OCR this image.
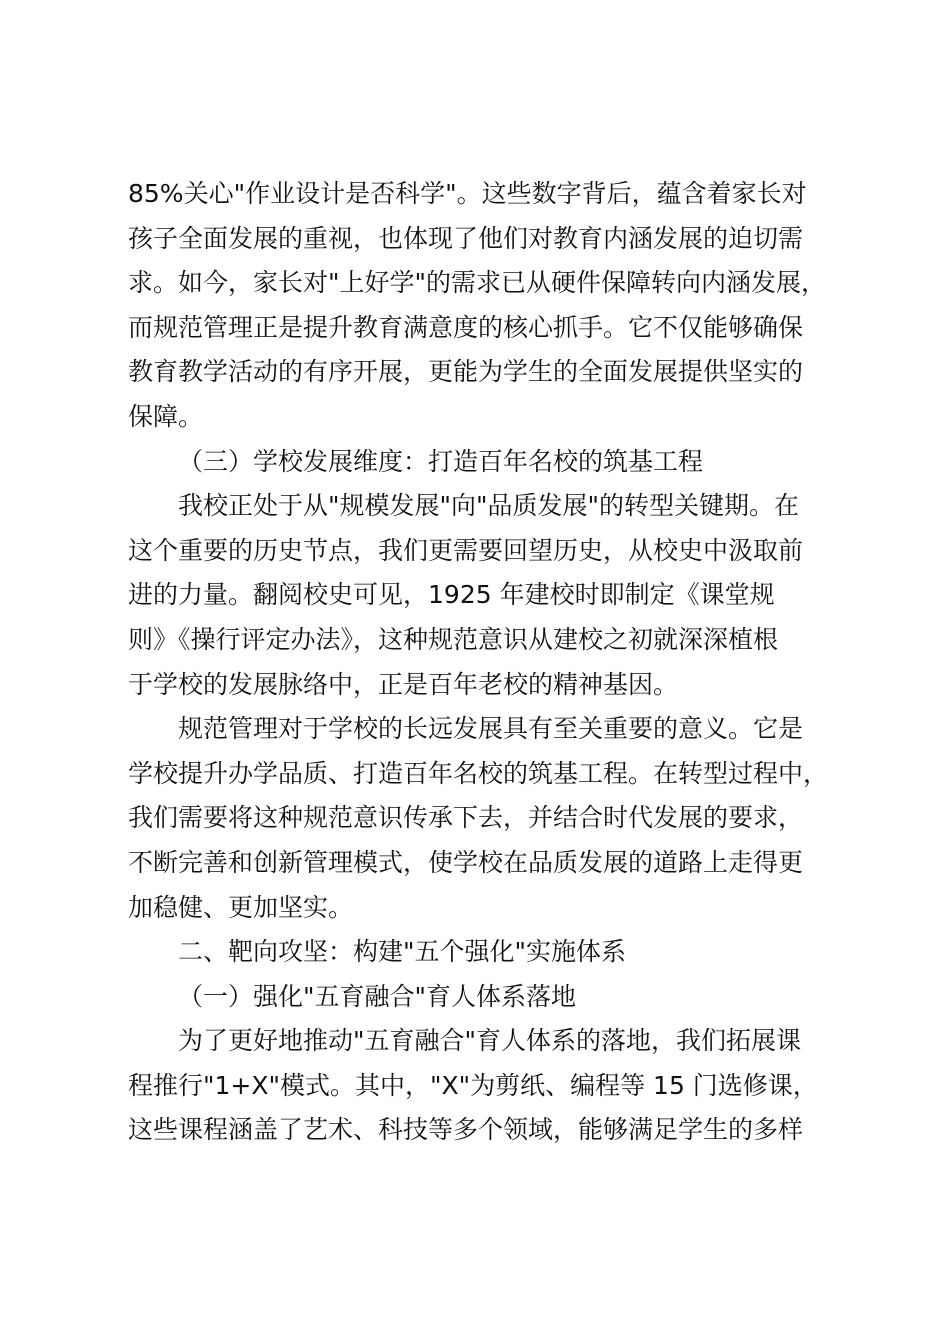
85%关心"作业设计是否科学"。这些数字背后，蕴含着家长对
孩子全面发展的重视，也体现了他们对教育内涵发展的迫切需
求。如今，家长对"上好学"的需求已从硬件保障转向内涵发展，
而规范管理正是提升教育满意度的核心抓手。它不仅能够确保
教育教学活动的有序开展，更能为学生的全面发展提供坚实的
保障。
（三）学校发展维度：打造百年名校的筑基工程
我校正处于从"规模发展"向"品质发展"的转型关键期。在
这个重要的历史节点，我们更需要回望历史，从校史中汲取前
进的力量。翻阅校史可见，1925 年建校时即制定《课堂规
则》《操行评定办法》，这种规范意识从建校之初就深深植根
于学校的发展脉络中，正是百年老校的精神基因。
规范管理对于学校的长远发展具有至关重要的意义。它是
学校提升办学品质、打造百年名校的筑基工程。在转型过程中，
我们需要将这种规范意识传承下去，并结合时代发展的要求，
不断完善和创新管理模式，使学校在品质发展的道路上走得更
加稳健、更加坚实。
二、靶向攻坚：构建"五个强化"实施体系
（一）强化"五育融合"育人体系落地
为了更好地推动"五育融合"育人体系的落地，我们拓展课
程推行"1+X"模式。其中，"X"为剪纸、编程等 15 门选修课，
这些课程涵盖了艺术、科技等多个领域，能够满足学生的多样
